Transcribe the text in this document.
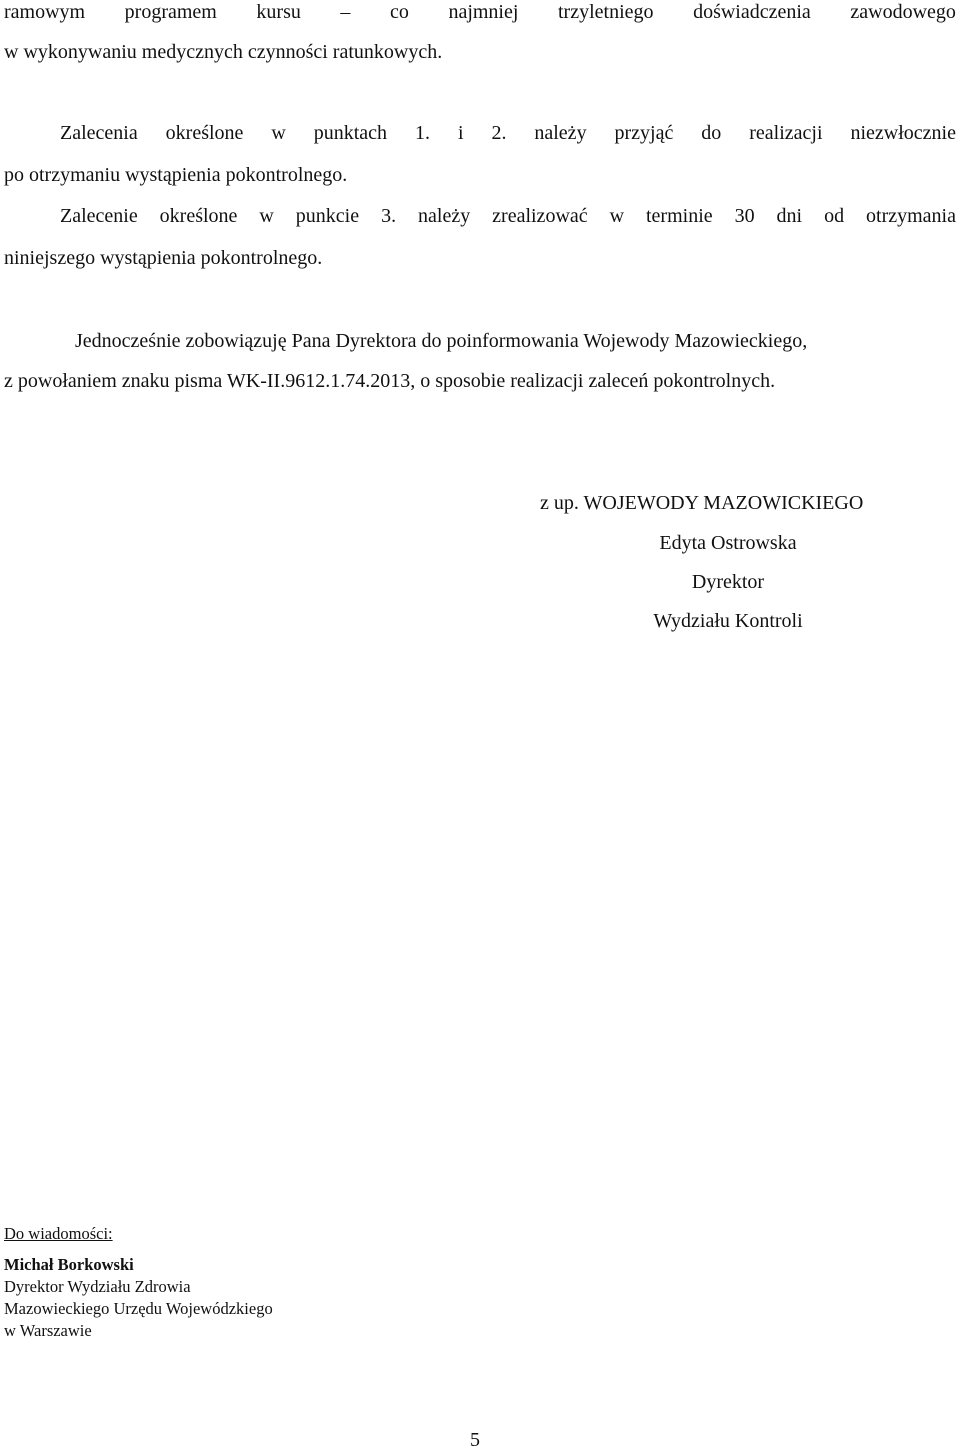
ramowym programem kursu – co najmniej trzyletniego doświadczenia zawodowego
w wykonywaniu medycznych czynności ratunkowych.
Zalecenia określone w punktach 1. i 2. należy przyjąć do realizacji niezwłocznie
po otrzymaniu wystąpienia pokontrolnego.
Zalecenie określone w punkcie 3. należy zrealizować w terminie 30 dni od otrzymania
niniejszego wystąpienia pokontrolnego.
Jednocześnie zobowiązuję Pana Dyrektora do poinformowania Wojewody Mazowieckiego,
z powołaniem znaku pisma WK-II.9612.1.74.2013, o sposobie realizacji zaleceń pokontrolnych.
z up. WOJEWODY MAZOWICKIEGO
Edyta Ostrowska
Dyrektor
Wydziału Kontroli
Do wiadomości:
Michał Borkowski
Dyrektor Wydziału Zdrowia
Mazowieckiego Urzędu Wojewódzkiego
w Warszawie
5
